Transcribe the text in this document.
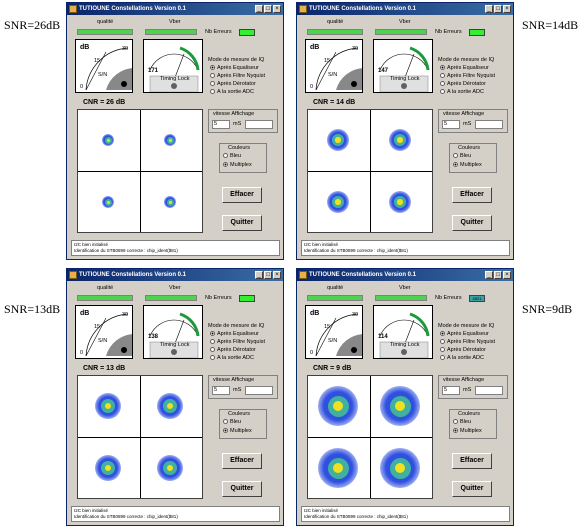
SNR=26dB
TUTIOUNE Constellations Version 0.1	_ □ ×
qualité	Vber
Nb Erreurs
dB
S/N
15
30
0
171
Timing Lock
Mode de mesure de IQ
Après Equaliseur
Après Filtre Nyquist
Après Dérotator
A la sortie ADC
CNR = 26 dB
vitesse Affichage
5	mS
Couleurs
Bleu
Multiplex
Effacer
Quitter
I2C bien initialisé
Identification du STB0899 correcte : chip_ident($81)
SNR=14dB
TUTIOUNE Constellations Version 0.1	_ □ ×
qualité	Vber
Nb Erreurs
dB
S/N
15
30
0
147
Timing Lock
Mode de mesure de IQ
Après Equaliseur
Après Filtre Nyquist
Après Dérotator
A la sortie ADC
CNR = 14 dB
vitesse Affichage
5	mS
Couleurs
Bleu
Multiplex
Effacer
Quitter
I2C bien initialisé
Identification du STB0899 correcte : chip_ident($81)
SNR=13dB
TUTIOUNE Constellations Version 0.1	_ □ ×
qualité	Vber
Nb Erreurs
dB
S/N
15
30
0
138
Timing Lock
Mode de mesure de IQ
Après Equaliseur
Après Filtre Nyquist
Après Dérotator
A la sortie ADC
CNR = 13 dB
vitesse Affichage
5	mS
Couleurs
Bleu
Multiplex
Effacer
Quitter
I2C bien initialisé
Identification du STB0899 correcte : chip_ident($81)
SNR=9dB
TUTIOUNE Constellations Version 0.1	_ □ ×
qualité	Vber
Nb Erreurs	4921
dB
S/N
15
30
0
114
Timing Lock
Mode de mesure de IQ
Après Equaliseur
Après Filtre Nyquist
Après Dérotator
A la sortie ADC
CNR = 9 dB
vitesse Affichage
5	mS
Couleurs
Bleu
Multiplex
Effacer
Quitter
I2C bien initialisé
Identification du STB0899 correcte : chip_ident($81)
